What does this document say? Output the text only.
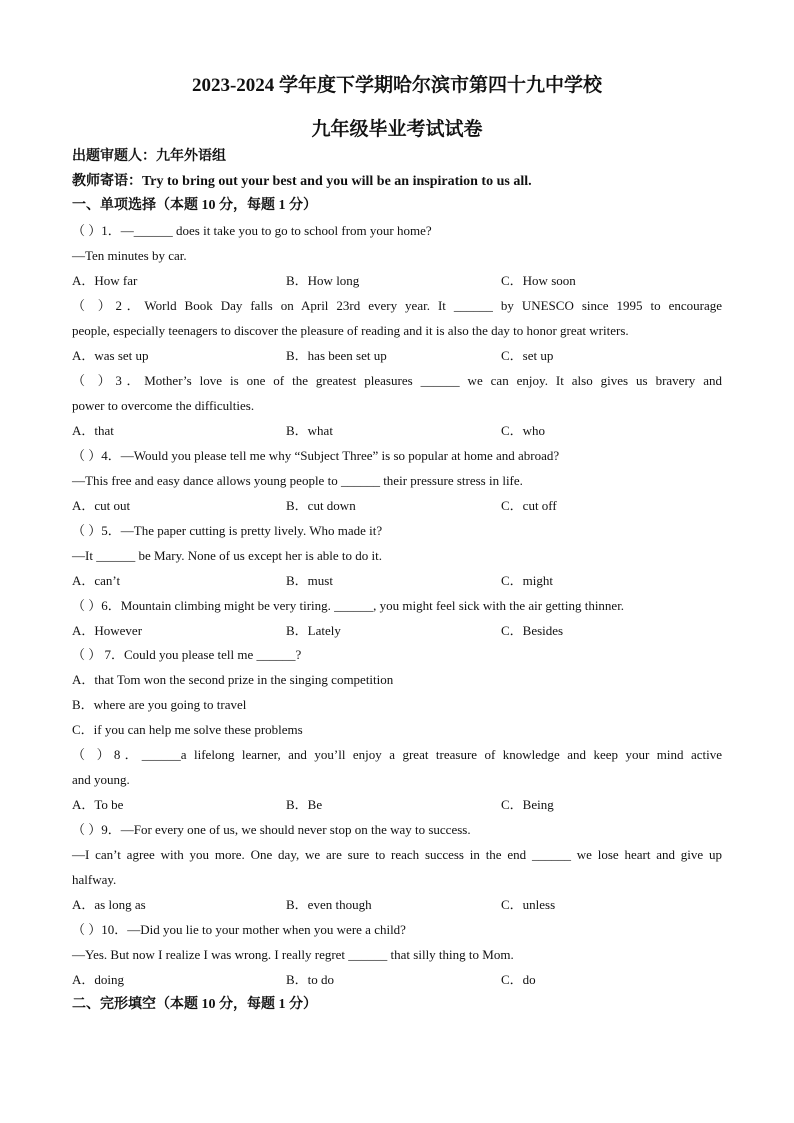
2023-2024 学年度下学期哈尔滨市第四十九中学校
九年级毕业考试试卷
出题审题人：九年外语组
教师寄语：Try to bring out your best and you will be an inspiration to us all.
一、单项选择（本题 10 分，每题 1 分）
（ ）1．—______ does it take you to go to school from your home?
—Ten minutes by car.
A．How far	B．How long	C．How soon
（ ）2．World Book Day falls on April 23rd every year. It ______ by UNESCO since 1995 to encourage
people, especially teenagers to discover the pleasure of reading and it is also the day to honor great writers.
A．was set up	B．has been set up	C．set up
（ ）3．Mother’s love is one of the greatest pleasures ______ we can enjoy. It also gives us bravery and
power to overcome the difficulties.
A．that	B．what	C．who
（ ）4．—Would you please tell me why “Subject Three” is so popular at home and abroad?
—This free and easy dance allows young people to ______ their pressure stress in life.
A．cut out	B．cut down	C．cut off
（ ）5．—The paper cutting is pretty lively. Who made it?
—It ______ be Mary. None of us except her is able to do it.
A．can’t	B．must	C．might
（ ）6．Mountain climbing might be very tiring. ______, you might feel sick with the air getting thinner.
A．However	B．Lately	C．Besides
（ ） 7．Could you please tell me ______?
A．that Tom won the second prize in the singing competition
B．where are you going to travel
C．if you can help me solve these problems
（ ）8．______a lifelong learner, and you’ll enjoy a great treasure of knowledge and keep your mind active
and young.
A．To be	B．Be	C．Being
（ ）9．—For every one of us, we should never stop on the way to success.
—I can’t agree with you more. One day, we are sure to reach success in the end ______ we lose heart and give up
halfway.
A．as long as	B．even though	C．unless
（ ）10．—Did you lie to your mother when you were a child?
—Yes. But now I realize I was wrong. I really regret ______ that silly thing to Mom.
A．doing	B．to do	C．do
二、完形填空（本题 10 分，每题 1 分）
